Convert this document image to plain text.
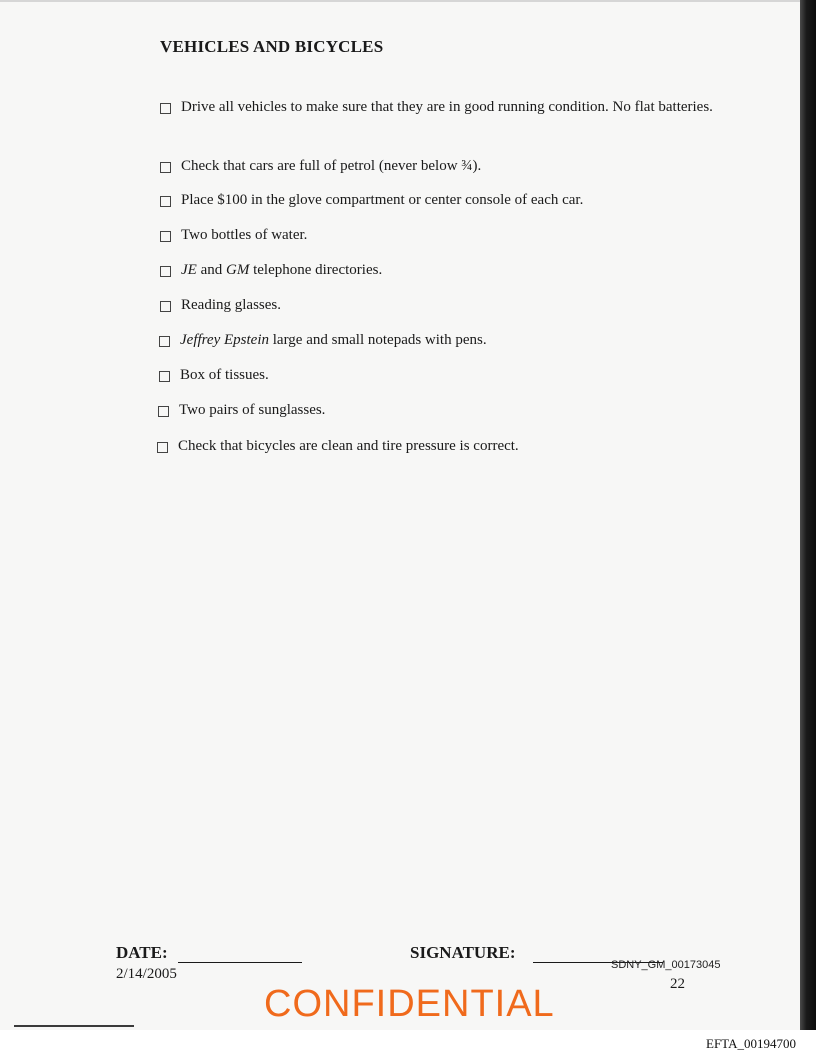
VEHICLES AND BICYCLES
Drive all vehicles to make sure that they are in good running condition. No flat batteries.
Check that cars are full of petrol (never below ¾).
Place $100 in the glove compartment or center console of each car.
Two bottles of water.
JE and GM telephone directories.
Reading glasses.
Jeffrey Epstein large and small notepads with pens.
Box of tissues.
Two pairs of sunglasses.
Check that bicycles are clean and tire pressure is correct.
DATE:	SIGNATURE:
SDNY_GM_00173045
2/14/2005
22
CONFIDENTIAL
EFTA_00194700
